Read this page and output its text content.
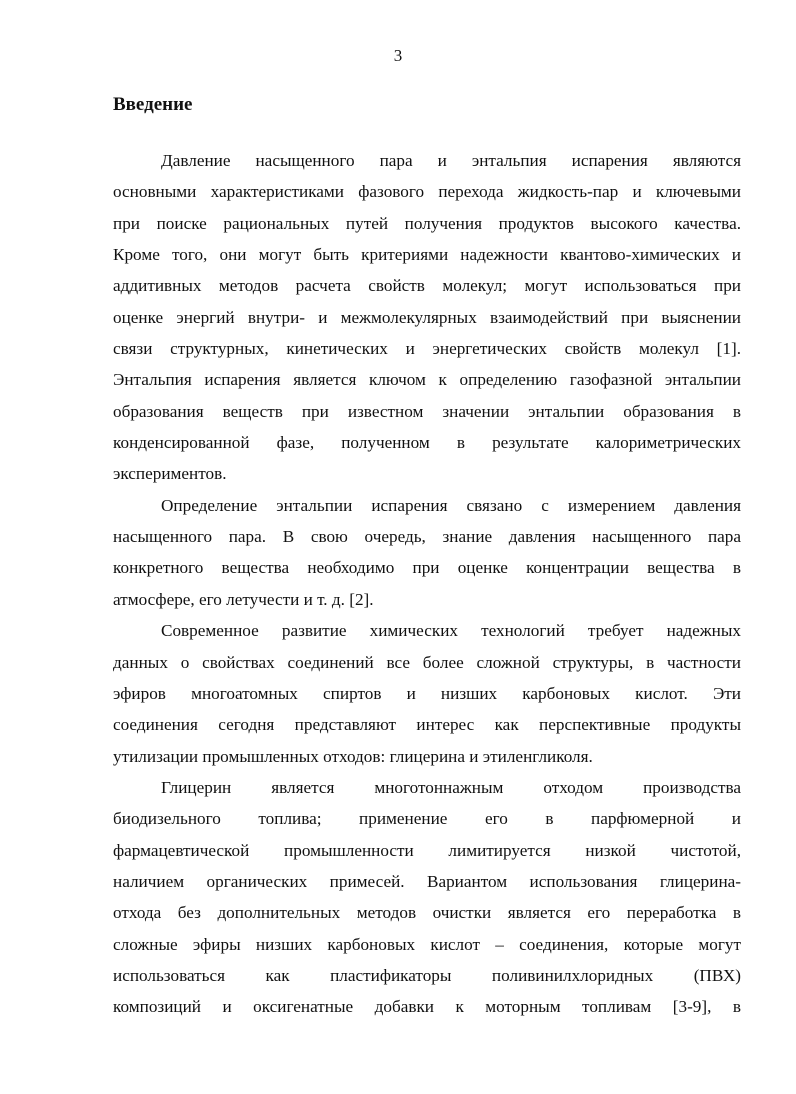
3
Введение
Давление насыщенного пара и энтальпия испарения являются
основными характеристиками фазового перехода жидкость-пар и ключевыми
при поиске рациональных путей получения продуктов высокого качества.
Кроме того, они могут быть критериями надежности квантово-химических и
аддитивных методов расчета свойств молекул; могут использоваться при
оценке энергий внутри- и межмолекулярных взаимодействий при выяснении
связи структурных, кинетических и энергетических свойств молекул [1].
Энтальпия испарения является ключом к определению газофазной энтальпии
образования веществ при известном значении энтальпии образования в
конденсированной фазе, полученном в результате калориметрических
экспериментов.
Определение энтальпии испарения связано с измерением давления
насыщенного пара. В свою очередь, знание давления насыщенного пара
конкретного вещества необходимо при оценке концентрации вещества в
атмосфере, его летучести и т. д. [2].
Современное развитие химических технологий требует надежных
данных о свойствах соединений все более сложной структуры, в частности
эфиров многоатомных спиртов и низших карбоновых кислот. Эти
соединения сегодня представляют интерес как перспективные продукты
утилизации промышленных отходов: глицерина и этиленгликоля.
Глицерин является многотоннажным отходом производства
биодизельного топлива; применение его в парфюмерной и
фармацевтической промышленности лимитируется низкой чистотой,
наличием органических примесей. Вариантом использования глицерина-
отхода без дополнительных методов очистки является его переработка в
сложные эфиры низших карбоновых кислот – соединения, которые могут
использоваться как пластификаторы поливинилхлоридных (ПВХ)
композиций и оксигенатные добавки к моторным топливам [3-9], в
